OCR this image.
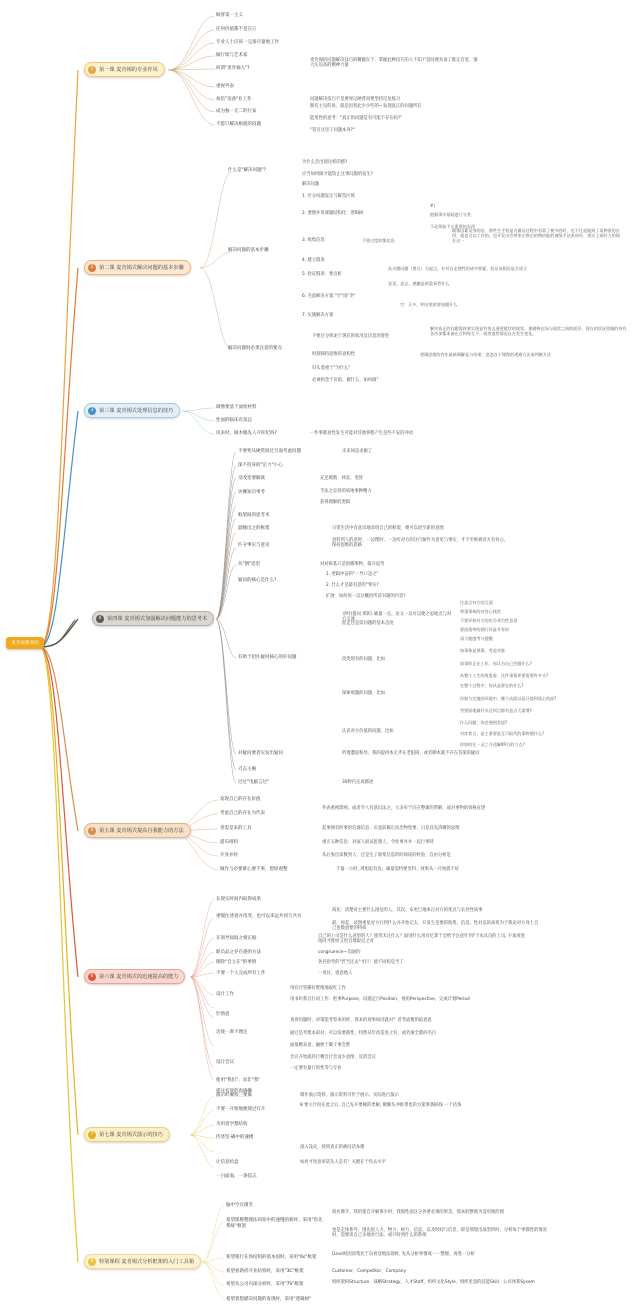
麦肯锡教我的
1	第一课 麦肯锡的专业作风
顾客第一主义
任何价值都不是在订
专业人士应该一完备尽量地工作
做行绩与艺术家
何谓"麦肯锡人"?
麦肯锡的问题解决技巧的精髓在于：掌握此种技巧的人不知不觉间便具备了既定自觉、强大压迫高的精神力量
重视外表
加倍"迫备"业工作	问题解决技巧不是要死记硬背而要坚持反复练习
成为独一无二的行家
不愿只解决根就的问题
拥有主见的角、就是因客此少少些的—发现真正的问题所在
能用性的意考："真正的问题是有可能不存在吗?"
"管百这里子问题本身?"
2	第二课 麦肯锡式解决问题的基本步骤
什么是"解决问题"?
为什么会出现这样的感?
应当如何做才能防止这事问题的发生?
解决问题的基本步骤
解决问题
1. 区分问题设定与解答区域
2. 要理并用课题结构化：逻辑树
#)
根据事实基础进行分类
不必须取不五重要的东西
3. 收集信息	不要过度收集信息
顾客因素证身的店、那些生手机是为做证过程中若需了便多的时、也不过是做到了某种很的自用、就也可以工作的。也开发出会带来左换后的物价能的诸级手法来同对、现实工前时力的现在这一
4. 建立假说
5. 验证假说：要点析
从关键问题（要点）为起点，针对自走理性的诸多要素，验证该假设是否成立
意见、意志、感触是欧重事者什么
6. 毛虑解决方案:"空"雨"伞"
空：天多，明这里欧要表做什么
7. 实施解决方案
解决问题时必须注意的要点
不要过分拘泥于现在的状况及信息的客性
解决真正的问题需体要实现显有效去通要愿状的现状，那储种在场与现状之间的面层、现在的状况里眼的身有各沙步都本备在点和每互不、或者追给情况自在发生变化。
时刻保持思维的意构性	逻辑思维的有年最新调解是与结果，忽忽自于课程的透通方法或判断方法
归头着重于"为什么"
必须构念于价值、做什么、如何做"
3	第三课 麦肯锡式处理信息的技巧
调像要基于面始材料
性面的临床有氛总
风来时，做木幅先人开旺纪吗?	一件事都意性发生可能对其他事程产生是些不安的冲动
4	第四课 麦肯锡式加强解决问题能力的思考术
不要死从硬常间过互面考虑问题	未来间是求做了
深不投身的"定力"小心
受改变要解欲	充足模数、休息、变替
访摊知启事考	手法之定俗的质地事种精力
获得理解的逻辑
框架间的思考术
韶睡出之的框架	日常生活中有意识地录组自己的框架，便可以放至新的意图
匹分事实与意见
意料到人的意时、一边理时、一边听对方的这行解作为意见与事实，才不至被被对方有骨心，保持思维的思路
从"钢"话里	对对称基只是别哪事物、篇开思考
疑问的核心是什么?
1. 逻辑冲奋的"一导口是之"
2. 什么才是最有意的"事实?
扩展：如何用一以这概括所读书题的内容?
有助于招住疑问核心的好问题
寻时(提问 那彰) 确量一点、论文一以可以使之思地点与对方交流
注意点对方的互面
带重事核的对答心线状
不要评析对方的但否命为性意思
要投现率的细行环意开有时
深大地感考与提醒
混走还是需问题的基本态度
改变现有的问题、比如
如事务是那事、考虑对象
如事你正在工作、你认为自己会做什么?
从整个人生的角度看、这件事情更要需要有多头?
探索规题的问题、比如
在整个过程中、你从是要在的什么?
你如与完地的环境中、哪个次面以是日提到读心的部?
劳要面地做好水还项目都有意点大需增?
认识对方价值的问题、比如
什么问题、你会便到美望?
对你育言、是主事要是互可取代的事物便什么?
你如何在一灵之介适解IIR方的立点?
对疑问要者实发出疑问	听透遭思和处、我的提供本无齐在老阻碍、或者聊本就不存在答案的疑问
刃志主俩
过过"电脑言过"	30秒内完成描述
5	第五课 麦肯锡式提高自我能力的方法
发现自己的存在价值
考虑自己的存在为代表
外表重视影响、或者令人有意识法之、大多牵于向在整课的帮解、或对事物的效格直逻
善需是来的工具	起事拥有经事的信通信息、应意前解正而出物集要、日息良先清晰的思维
提布排料	重正五种信息：对深人损试思想人、令处事并并一起行事特
开身并时	从后参出读数到人、还是生了收集信息的时场说的检验、自由分析是
做作与必要难心要千事，想原观整	千量一小时, 周旭思有攻；确量需特要堂料、效果从一开始就不好
6	第六课 麦肯锡式的迅速提高的能力
在现实时间内取得成果
重慢注述意并改变、也可以来远共同与共页
商先：清楚对主要什么围是的人、其次、布更已地本正对方的优点与长处性质事
最，再起、试图重星对方行到什么并开始记太、开发生是要的收集、信息、性对以的高将为于我论对方身上自己也数意要的特质
在领导间间之相正据	自己的上司是什么意型的人？使常未注什么？面别什么用对忆算于会给予注意什到?于本具良的上司, 不加度度短同才推原又用自地取反之对
职员品之存在感的方法	congruence—沟通的
理除"自立在"的事情	各目指考的"匠当还去"才行！使不同构是当了
不要一个人完成所有工作	一说付、请意他人
设计工作
用有目管操好壁维地取红工作
用书吗我自行动工作：把事Purpose、问题走行Position、视角Perspective、完成计划Period
针情意
迈使一席不理定
查询问题时、对策能考察本的经、算本的观事如同就对？者考虑便的取意思
通过是考想本彩对、可以发要都性、特然从年改造进之有、或者速全都的名目
面推精来意、融换于微干事会繁
设计会议
会议开始就轻行精会计会设少意图、反消会议
一定要有量行的性等与专业
使用"我们"、而非"我"
提注有效的肉确操
7	第七课 麦肯锡式演示的技巧
演示纤翼构三要素	制作演示资料、演示资料可传于展示、实际进行演示
不要一开始地便现过灯片
8 要主什投在此之后, 自己先开要顿的类解, 顺顺头冲推带也的方案事条联线 一个话条
为用者学想结构
传述坚·确中的速楼
深入浅史、找到真正的被问话本理
让信息检盘	如何才逆意审诺头人是有？关键在于你去水平
一白面面，一条技志
8	特别课程 麦肯锡式分析框架的入门工具箱
脑中空在微笑
希望邯郸整理法同知中的速慢的新时、采用"你先系统"框架
商业佛手、我的提自开解事少时、我那性面这分各要必须的果美、那本胶整理为适用地的图
也是走体系外、围先很人力、物力、财力、信息，以及时间与信息、即是那想出战型的时、分析每个事都性的情况时、需要读自己多地对行法、或只时到什么的系统
希望银行在场结构的基本固时，采用"6s"框架
[Levitt]因读集比于奋看登地法现时, 先从分析事情成一一整理、再进一分析
希望看新折开业结构时，采用"3C"框架	Customer、Competitor、Company
希望从公司内部分析时，采用"7S"框架	组织架构Structure、战略Strategy、人才Staff、组织文化Style、组织里意的技能Skill、公司体系Sysem
希望着想描决问题的发现时，采用"逻辑树"
